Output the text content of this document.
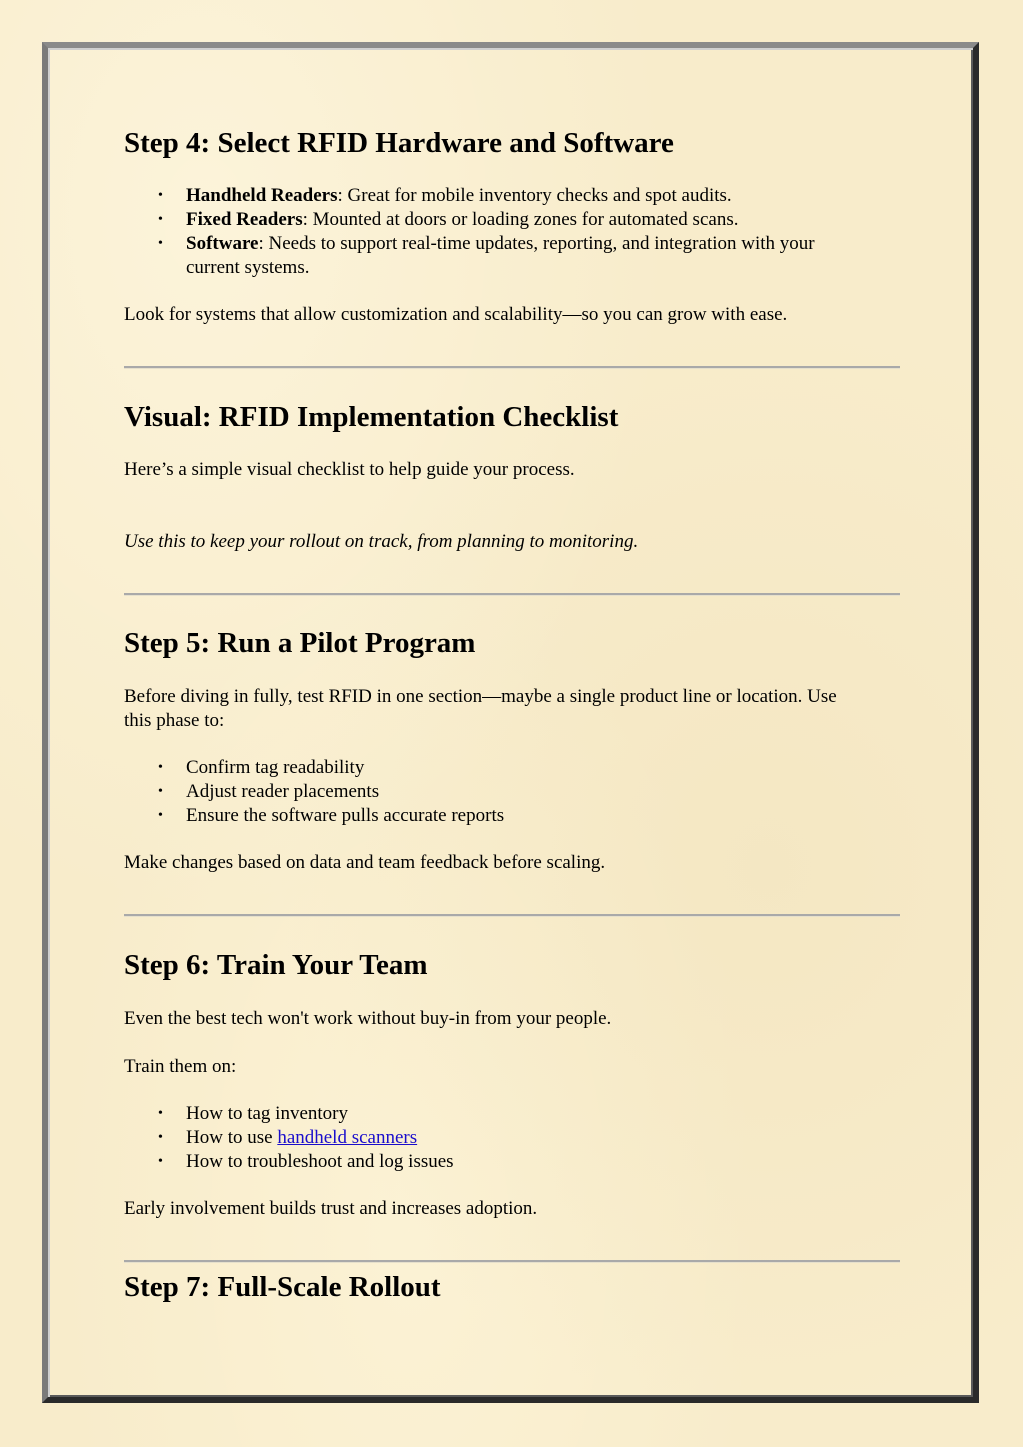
Step 4: Select RFID Hardware and Software
• Handheld Readers: Great for mobile inventory checks and spot audits.
• Fixed Readers: Mounted at doors or loading zones for automated scans.
• Software: Needs to support real-time updates, reporting, and integration with your
current systems.

Look for systems that allow customization and scalability—so you can grow with ease.

Visual: RFID Implementation Checklist

Here’s a simple visual checklist to help guide your process.

Use this to keep your rollout on track, from planning to monitoring.

Step 5: Run a Pilot Program

Before diving in fully, test RFID in one section—maybe a single product line or location. Use
this phase to:

• Confirm tag readability
• Adjust reader placements
• Ensure the software pulls accurate reports

Make changes based on data and team feedback before scaling.

Step 6: Train Your Team

Even the best tech won't work without buy-in from your people.

Train them on:

• How to tag inventory
• How to use handheld scanners
• How to troubleshoot and log issues

Early involvement builds trust and increases adoption.

Step 7: Full-Scale Rollout
